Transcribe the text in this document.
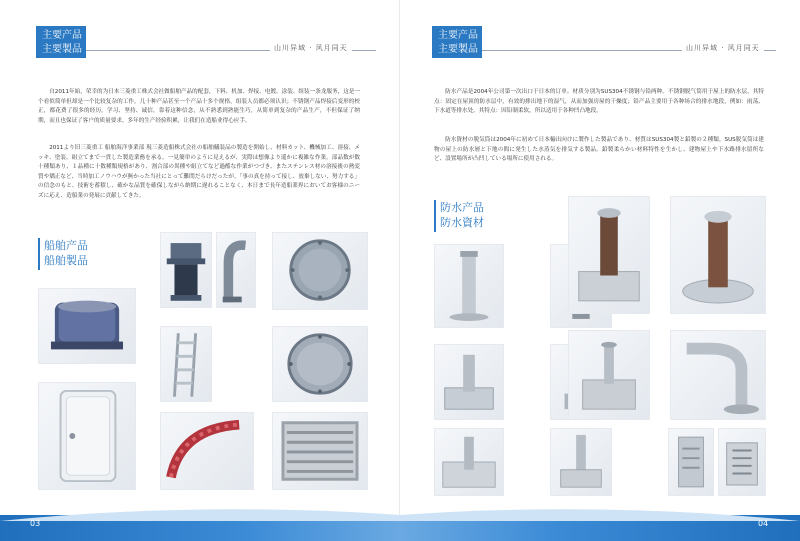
主要产品
主要製品	山川异域 · 风月同天
自2011年始，荣幸的为日本三菱重工株式会社做船舶产品的配套，下料、机加、焊接、电镀、涂装、组装一条龙服务，这是一个看似简单但却是一个比较复杂的工作。几十种产品甚至一个产品十多个规格，组装人员都必须认识；不锈钢产品焊接后变形的校正，都花费了很多的经历。学习、坚持、诚信，靠着这种信念，从不熟悉到熟能生巧，从简单到复杂的产品生产，不但保证了纳期，而且也保证了客户的质量要求。多年的生产经验积累，让我们在造船业得心应手。
2011より旧三菱重工 船舶海洋事業部 現三菱造船株式会社の船舶艤装品の製造を開始し、材料カット、機械加工、溶接、メッキ、塗装、組立てまで一貫した製造業務を承る。一見簡単のように見えるが、実際は想像より遥かに複雑な作業。部品数が数十種類あり、１品種に十数種類規格があり、割合部の異種や組立てなど過酷な作業がつづき、またステンレス材の溶接後の熱変質や矯正など、当時加工ノウハウが無かった当社にとって難問だらけだったが、「事の真を持って接し、放棄しない、努力する」の信念のもと、技術を蓄積し、確かな品質を確保しながら納期に遅れることなく、本日まで長年造船業界においてお客様のニーズに応え、造船業の発展に貢献してきた。
船舶产品
船舶製品
主要产品
主要製品	山川异域 · 风月同天
防水产品是2004年公司第一次出口于日本的订单。材质分别为SUS304不锈钢与铅两种。不锈钢脱气筒用于屋上的防水层，其特点：固定在屋顶的防水层中，有效的排出地下的湿气，从而加强房屋的干燥度；铅产品主要用于各种场合的排水地段，例如：雨荡、下水道等排水处。其特点：因铅制柔软，所以适用于各种凹凸地段。
防水資材の脱気筒は2004年に初めて日本輸出向けに製作した製品であり、材質はSUS304製と鉛製の２種類。SUS脱気筒は建物の屋上の防水層と下地の間に発生した水蒸気を排気する製品。鉛製柔らかい材料特性を生かし、建物屋上や下水路排水留所など、設置場所が凸凹している場所に使用される。
防水产品
防水資材
03	04
